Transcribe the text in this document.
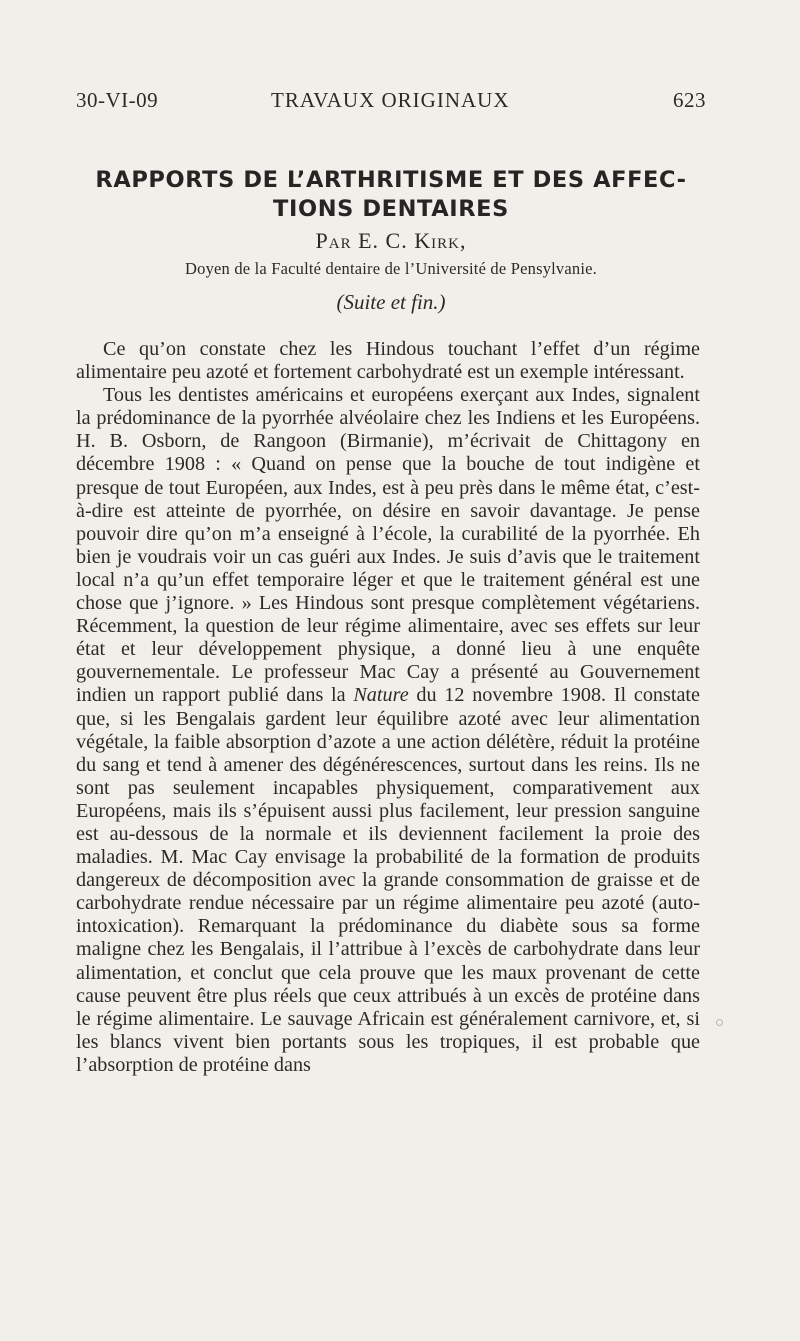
30-VI-09	TRAVAUX ORIGINAUX	623
RAPPORTS DE L’ARTHRITISME ET DES AFFEC-
TIONS DENTAIRES
Par E. C. Kirk,
Doyen de la Faculté dentaire de l’Université de Pensylvanie.
(Suite et fin.)

Ce qu’on constate chez les Hindous touchant l’effet d’un régime alimentaire peu azoté et fortement carbohydraté est un exemple intéressant.

Tous les dentistes américains et européens exerçant aux Indes, signalent la prédominance de la pyorrhée alvéolaire chez les Indiens et les Européens. H. B. Osborn, de Rangoon (Birmanie), m’écrivait de Chittagony en décembre 1908 : « Quand on pense que la bouche de tout indigène et presque de tout Européen, aux Indes, est à peu près dans le même état, c’est-à-dire est atteinte de pyorrhée, on désire en savoir davantage. Je pense pouvoir dire qu’on m’a enseigné à l’école, la curabilité de la pyorrhée. Eh bien je voudrais voir un cas guéri aux Indes. Je suis d’avis que le traitement local n’a qu’un effet temporaire léger et que le traitement général est une chose que j’ignore. » Les Hindous sont presque complètement végétariens. Récemment, la question de leur régime alimentaire, avec ses effets sur leur état et leur développement physique, a donné lieu à une enquête gouvernementale. Le professeur Mac Cay a présenté au Gouvernement indien un rapport publié dans la Nature du 12 novembre 1908. Il constate que, si les Bengalais gardent leur équilibre azoté avec leur alimentation végétale, la faible absorption d’azote a une action délétère, réduit la protéine du sang et tend à amener des dégénérescences, surtout dans les reins. Ils ne sont pas seulement incapables physiquement, comparativement aux Européens, mais ils s’épuisent aussi plus facilement, leur pression sanguine est au-dessous de la normale et ils deviennent facilement la proie des maladies. M. Mac Cay envisage la probabilité de la formation de produits dangereux de décomposition avec la grande consommation de graisse et de carbohydrate rendue nécessaire par un régime alimentaire peu azoté (auto-intoxication). Remarquant la prédominance du diabète sous sa forme maligne chez les Bengalais, il l’attribue à l’excès de carbohydrate dans leur alimentation, et conclut que cela prouve que les maux provenant de cette cause peuvent être plus réels que ceux attribués à un excès de protéine dans le régime alimentaire. Le sauvage Africain est généralement carnivore, et, si les blancs vivent bien portants sous les tropiques, il est probable que l’absorption de protéine dans
